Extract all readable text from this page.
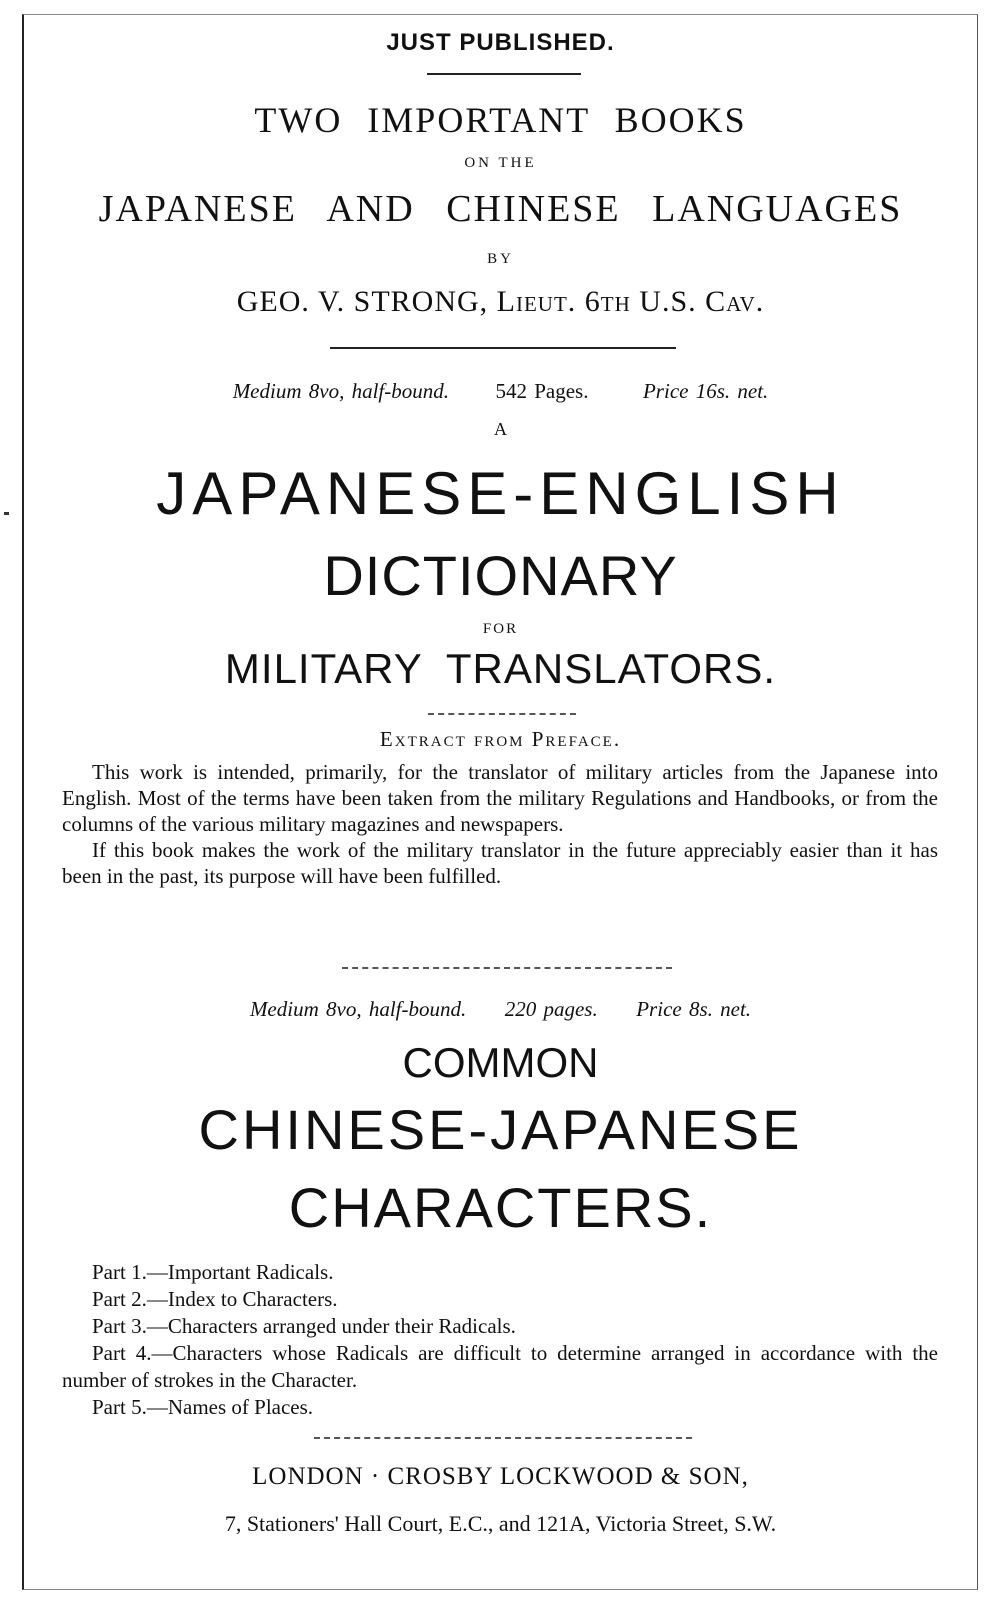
JUST PUBLISHED.
TWO IMPORTANT BOOKS
ON THE
JAPANESE AND CHINESE LANGUAGES
BY
GEO. V. STRONG, Lieut. 6th U.S. Cav.
Medium 8vo, half-bound. 542 Pages.	Price 16s. net.
A
JAPANESE-ENGLISH
DICTIONARY
FOR
MILITARY TRANSLATORS.
Extract from Preface.

This work is intended, primarily, for the translator of military articles from the Japanese into English. Most of the terms have been taken from the military Regulations and Handbooks, or from the columns of the various military magazines and newspapers.

If this book makes the work of the military translator in the future appreciably easier than it has been in the past, its purpose will have been fulfilled.

Medium 8vo, half-bound. 220 pages. Price 8s. net.
COMMON
CHINESE-JAPANESE
CHARACTERS.

Part 1.—Important Radicals.

Part 2.—Index to Characters.

Part 3.—Characters arranged under their Radicals.

Part 4.—Characters whose Radicals are difficult to determine arranged in accordance with the number of strokes in the Character.

Part 5.—Names of Places.

LONDON · CROSBY LOCKWOOD & SON,
7, Stationers' Hall Court, E.C., and 121A, Victoria Street, S.W.
